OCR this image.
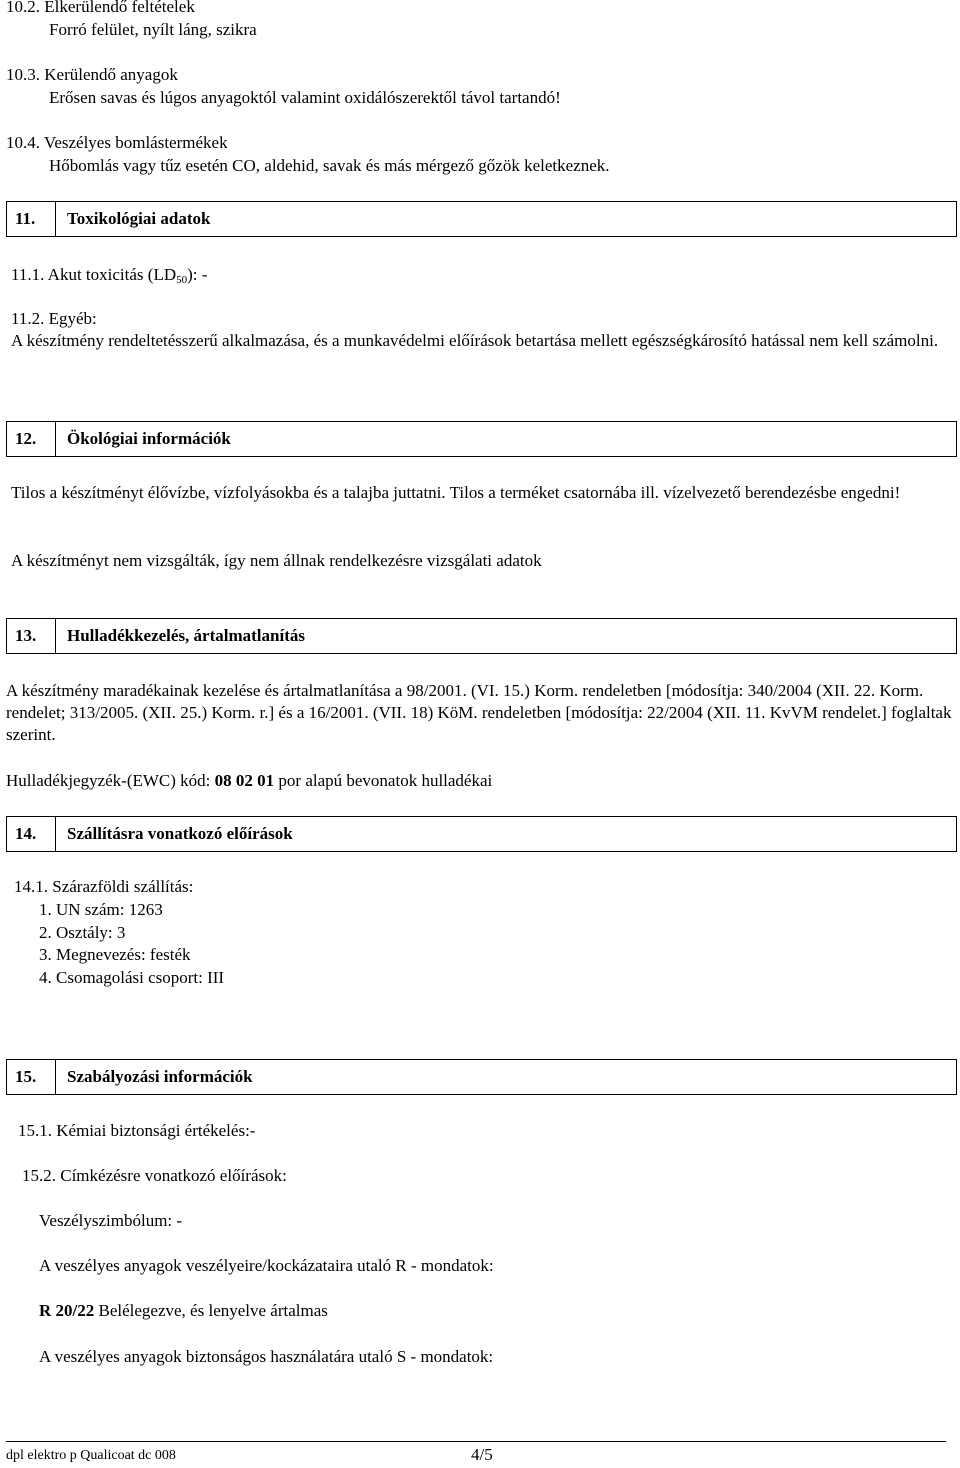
10.2. Elkerülendő feltételek
Forró felület, nyílt láng, szikra
10.3. Kerülendő anyagok
Erősen savas és lúgos anyagoktól valamint oxidálószerektől távol tartandó!
10.4. Veszélyes bomlástermékek
Hőbomlás vagy tűz esetén CO, aldehid, savak és más mérgező gőzök keletkeznek.
11.	Toxikológiai adatok
11.1. Akut toxicitás $(LD_{50})$: -
11.2. Egyéb:
A készítmény rendeltetésszerű alkalmazása, és a munkavédelmi előírások betartása mellett egészségkárosító hatással nem kell számolni.
12.	Ökológiai információk
Tilos a készítményt élővízbe, vízfolyásokba és a talajba juttatni. Tilos a terméket csatornába ill. vízelvezető berendezésbe engedni!
A készítményt nem vizsgálták, így nem állnak rendelkezésre vizsgálati adatok
13.	Hulladékkezelés, ártalmatlanítás
A készítmény maradékainak kezelése és ártalmatlanítása a 98/2001. (VI. 15.) Korm. rendeletben [módosítja: 340/2004 (XII. 22. Korm. rendelet; 313/2005. (XII. 25.) Korm. r.] és a 16/2001. (VII. 18) KöM. rendeletben [módosítja: 22/2004 (XII. 11. KvVM rendelet.] foglaltak szerint.
Hulladékjegyzék-(EWC) kód: 08 02 01 por alapú bevonatok hulladékai
14.	Szállításra vonatkozó előírások
14.1. Szárazföldi szállítás:
1. UN szám: 1263
2. Osztály: 3
3. Megnevezés: festék
4. Csomagolási csoport: III
15.	Szabályozási információk
15.1. Kémiai biztonsági értékelés:-
15.2. Címkézésre vonatkozó előírások:
Veszélyszimbólum: -
A veszélyes anyagok veszélyeire/kockázataira utaló R - mondatok:
R 20/22 Belélegezve, és lenyelve ártalmas
A veszélyes anyagok biztonságos használatára utaló S - mondatok:
dpl elektro p Qualicoat dc 008	4/5
